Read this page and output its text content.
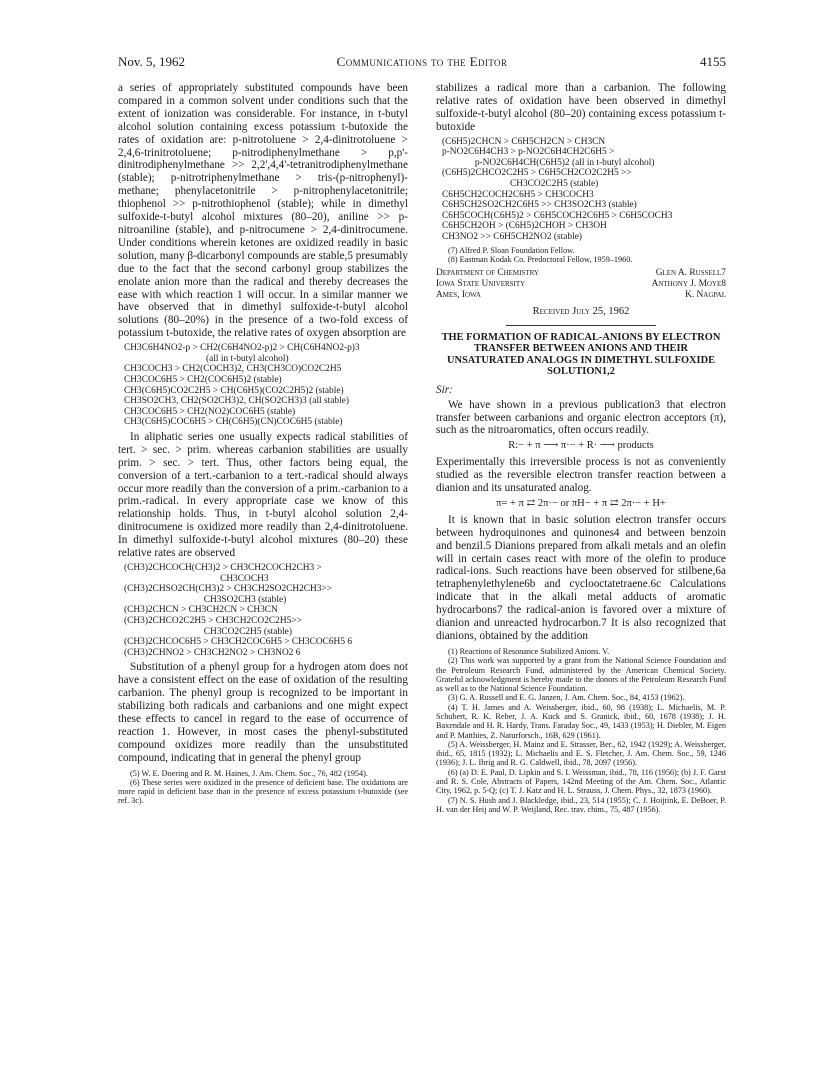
Nov. 5, 1962	Communications to the Editor	4155

a series of appropriately substituted compounds have been compared in a common solvent under conditions such that the extent of ionization was considerable. For instance, in t-butyl alcohol solution containing excess potassium t-butoxide the rates of oxidation are: p-nitrotoluene > 2,4-dinitrotoluene > 2,4,6-trinitrotoluene; p-nitrodiphenylmethane > p,p'-dinitrodiphenylmethane >> 2,2',4,4'-tetranitrodiphenylmethane (stable); p-nitrotriphenylmethane > tris-(p-nitrophenyl)-methane; phenylacetonitrile > p-nitrophenylacetonitrile; thiophenol >> p-nitrothiophenol (stable); while in dimethyl sulfoxide-t-butyl alcohol mixtures (80–20), aniline >> p-nitroaniline (stable), and p-nitrocumene > 2,4-dinitrocumene. Under conditions wherein ketones are oxidized readily in basic solution, many β-dicarbonyl compounds are stable,5 presumably due to the fact that the second carbonyl group stabilizes the enolate anion more than the radical and thereby decreases the ease with which reaction 1 will occur. In a similar manner we have observed that in dimethyl sulfoxide-t-butyl alcohol solutions (80–20%) in the presence of a two-fold excess of potassium t-butoxide, the relative rates of oxygen absorption are

CH3C6H4NO2-p > CH2(C6H4NO2-p)2 > CH(C6H4NO2-p)3
(all in t-butyl alcohol)
CH3COCH3 > CH2(COCH3)2, CH3(CH3CO)CO2C2H5
CH3COC6H5 > CH2(COC6H5)2 (stable)
CH3(C6H5)CO2C2H5 > CH(C6H5)(CO2C2H5)2 (stable)
CH3SO2CH3, CH2(SO2CH3)2, CH(SO2CH3)3 (all stable)
CH3COC6H5 > CH2(NO2)COC6H5 (stable)
CH3(C6H5)COC6H5 > CH(C6H5)(CN)COC6H5 (stable)

In aliphatic series one usually expects radical stabilities of tert. > sec. > prim. whereas carbanion stabilities are usually prim. > sec. > tert. Thus, other factors being equal, the conversion of a tert.-carbanion to a tert.-radical should always occur more readily than the conversion of a prim.-carbanion to a prim.-radical. In every appropriate case we know of this relationship holds. Thus, in t-butyl alcohol solution 2,4-dinitrocumene is oxidized more readily than 2,4-dinitrotoluene. In dimethyl sulfoxide-t-butyl alcohol mixtures (80–20) these relative rates are observed

(CH3)2CHCOCH(CH3)2 > CH3CH2COCH2CH3 >
CH3COCH3
(CH3)2CHSO2CH(CH3)2 > CH3CH2SO2CH2CH3>>
CH3SO2CH3 (stable)
(CH3)2CHCN > CH3CH2CN > CH3CN
(CH3)2CHCO2C2H5 > CH3CH2CO2C2H5>>
CH3CO2C2H5 (stable)
(CH3)2CHCOC6H5 > CH3CH2COC6H5 > CH3COC6H5 6
(CH3)2CHNO2 > CH3CH2NO2 > CH3NO2 6

Substitution of a phenyl group for a hydrogen atom does not have a consistent effect on the ease of oxidation of the resulting carbanion. The phenyl group is recognized to be important in stabilizing both radicals and carbanions and one might expect these effects to cancel in regard to the ease of occurrence of reaction 1. However, in most cases the phenyl-substituted compound oxidizes more readily than the unsubstituted compound, indicating that in general the phenyl group

(5) W. E. Doering and R. M. Haines, J. Am. Chem. Soc., 76, 482 (1954).

(6) These series were oxidized in the presence of deficient base. The oxidations are more rapid in deficient base than in the presence of excess potassium t-butoxide (see ref. 3c).

stabilizes a radical more than a carbanion. The following relative rates of oxidation have been observed in dimethyl sulfoxide-t-butyl alcohol (80–20) containing excess potassium t-butoxide

(C6H5)2CHCN > C6H5CH2CN > CH3CN
p-NO2C6H4CH3 > p-NO2C6H4CH2C6H5 >
p-NO2C6H4CH(C6H5)2 (all in t-butyl alcohol)
(C6H5)2CHCO2C2H5 > C6H5CH2CO2C2H5 >>
CH3CO2C2H5 (stable)
C6H5CH2COCH2C6H5 > CH3COCH3
C6H5CH2SO2CH2C6H5 >> CH3SO2CH3 (stable)
C6H5COCH(C6H5)2 > C6H5COCH2C6H5 > C6H5COCH3
C6H5CH2OH > (C6H5)2CHOH > CH3OH
CH3NO2 >> C6H5CH2NO2 (stable)

(7) Alfred P. Sloan Foundation Fellow.

(8) Eastman Kodak Co. Predoctoral Fellow, 1959–1960.

Department of Chemistry
Iowa State University
Ames, Iowa
Glen A. Russell7
Anthony J. Moye8
K. Nagpal
Received July 25, 1962
THE FORMATION OF RADICAL-ANIONS BY ELECTRON TRANSFER BETWEEN ANIONS AND THEIR UNSATURATED ANALOGS IN DIMETHYL SULFOXIDE SOLUTION1,2
Sir:

We have shown in a previous publication3 that electron transfer between carbanions and organic electron acceptors (π), such as the nitroaromatics, often occurs readily.

R:− + π ⟶ π·− + R· ⟶ products

Experimentally this irreversible process is not as conveniently studied as the reversible electron transfer reaction between a dianion and its unsaturated analog.

π= + π ⇄ 2π·− or πH− + π ⇄ 2π·− + H+

It is known that in basic solution electron transfer occurs between hydroquinones and quinones4 and between benzoin and benzil.5 Dianions prepared from alkali metals and an olefin will in certain cases react with more of the olefin to produce radical-ions. Such reactions have been observed for stilbene,6a tetraphenylethylene6b and cyclooctatetraene.6c Calculations indicate that in the alkali metal adducts of aromatic hydrocarbons7 the radical-anion is favored over a mixture of dianion and unreacted hydrocarbon.7 It is also recognized that dianions, obtained by the addition

(1) Reactions of Resonance Stabilized Anions. V.

(2) This work was supported by a grant from the National Science Foundation and the Petroleum Research Fund, administered by the American Chemical Society. Grateful acknowledgment is hereby made to the donors of the Petroleum Research Fund as well as to the National Science Foundation.

(3) G. A. Russell and E. G. Janzen, J. Am. Chem. Soc., 84, 4153 (1962).

(4) T. H. James and A. Weissberger, ibid., 60, 98 (1938); L. Michaelis, M. P. Schubert, R. K. Reber, J. A. Kuck and S. Granick, ibid., 60, 1678 (1938); J. H. Baxendale and H. R. Hardy, Trans. Faraday Soc., 49, 1433 (1953); H. Diebler, M. Eigen and P. Matthies, Z. Naturforsch., 16B, 629 (1961).

(5) A. Weissberger, H. Mainz and E. Strasser, Ber., 62, 1942 (1929); A. Weissberger, ibid., 65, 1815 (1932); L. Michaelis and E. S. Fletcher, J. Am. Chem. Soc., 59, 1246 (1936); J. L. Ihrig and R. G. Caldwell, ibid., 78, 2097 (1956).

(6) (a) D. E. Paul, D. Lipkin and S. I. Weissman, ibid., 78, 116 (1956); (b) J. F. Garst and R. S. Cole, Abstracts of Papers, 142nd Meeting of the Am. Chem. Soc., Atlantic City, 1962, p. 5-Q; (c) T. J. Katz and H. L. Strauss, J. Chem. Phys., 32, 1873 (1960).

(7) N. S. Hush and J. Blackledge, ibid., 23, 514 (1955); C. J. Hoijtink, E. DeBoer, P. H. van der Heij and W. P. Weijland, Rec. trav. chim., 75, 487 (1956).
